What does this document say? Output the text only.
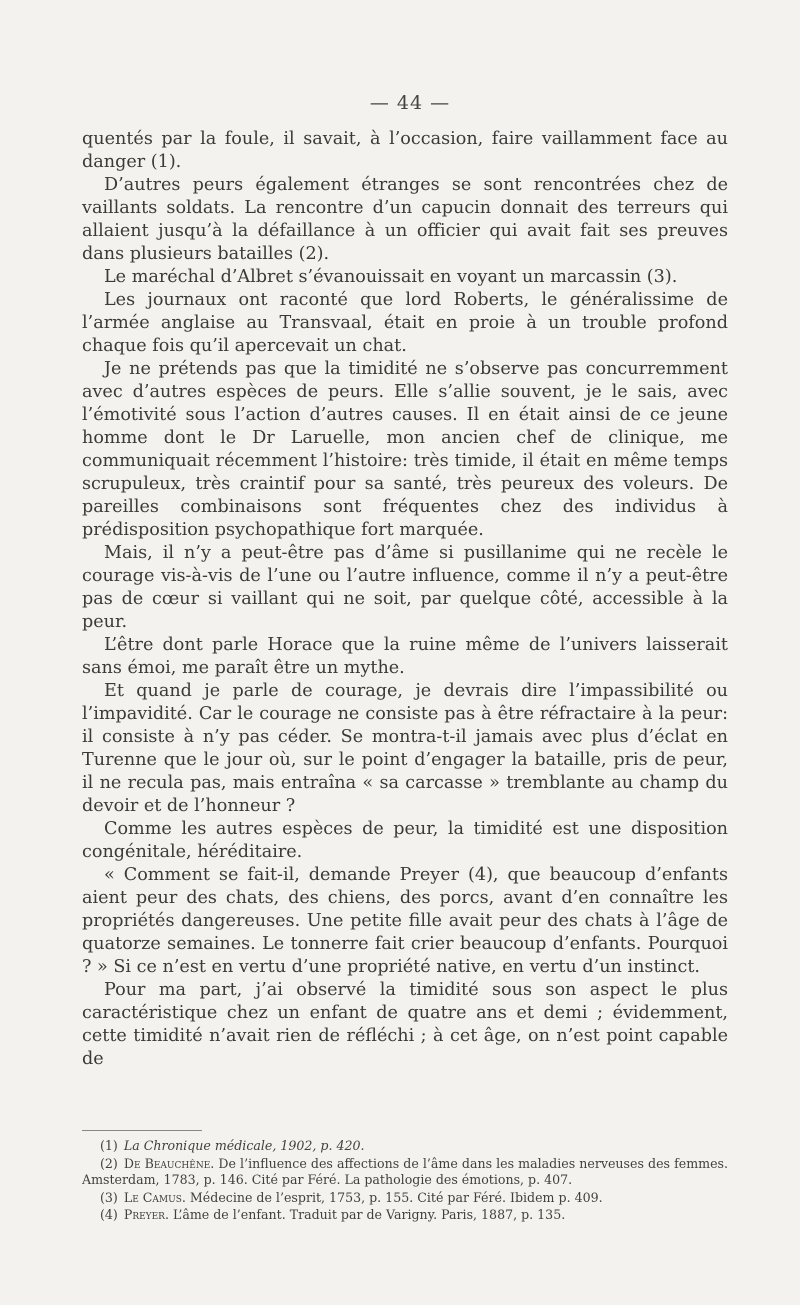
— 44 —

quentés par la foule, il savait, à l’occasion, faire vaillamment face au danger (1).

D’autres peurs également étranges se sont rencontrées chez de vaillants soldats. La rencontre d’un capucin donnait des terreurs qui allaient jusqu’à la défaillance à un officier qui avait fait ses preuves dans plusieurs batailles (2).

Le maréchal d’Albret s’évanouissait en voyant un marcassin (3).

Les journaux ont raconté que lord Roberts, le généralissime de l’armée anglaise au Transvaal, était en proie à un trouble profond chaque fois qu’il apercevait un chat.

Je ne prétends pas que la timidité ne s’observe pas concurremment avec d’autres espèces de peurs. Elle s’allie souvent, je le sais, avec l’émotivité sous l’action d’autres causes. Il en était ainsi de ce jeune homme dont le Dr Laruelle, mon ancien chef de clinique, me communiquait récemment l’histoire: très timide, il était en même temps scrupuleux, très craintif pour sa santé, très peureux des voleurs. De pareilles combinaisons sont fréquentes chez des individus à prédisposition psychopathique fort marquée.

Mais, il n’y a peut-être pas d’âme si pusillanime qui ne recèle le courage vis-à-vis de l’une ou l’autre influence, comme il n’y a peut-être pas de cœur si vaillant qui ne soit, par quelque côté, accessible à la peur.

L’être dont parle Horace que la ruine même de l’univers laisserait sans émoi, me paraît être un mythe.

Et quand je parle de courage, je devrais dire l’impassibilité ou l’impavidité. Car le courage ne consiste pas à être réfractaire à la peur: il consiste à n’y pas céder. Se montra-t-il jamais avec plus d’éclat en Turenne que le jour où, sur le point d’engager la bataille, pris de peur, il ne recula pas, mais entraîna « sa carcasse » tremblante au champ du devoir et de l’honneur ?

Comme les autres espèces de peur, la timidité est une disposition congénitale, héréditaire.

« Comment se fait-il, demande Preyer (4), que beaucoup d’enfants aient peur des chats, des chiens, des porcs, avant d’en connaître les propriétés dangereuses. Une petite fille avait peur des chats à l’âge de quatorze semaines. Le tonnerre fait crier beaucoup d’enfants. Pourquoi ? » Si ce n’est en vertu d’une propriété native, en vertu d’un instinct.

Pour ma part, j’ai observé la timidité sous son aspect le plus caractéristique chez un enfant de quatre ans et demi ; évidemment, cette timidité n’avait rien de réfléchi ; à cet âge, on n’est point capable de

(1) La Chronique médicale, 1902, p. 420.

(2) De Beauchêne. De l’influence des affections de l’âme dans les maladies nerveuses des femmes. Amsterdam, 1783, p. 146. Cité par Féré. La pathologie des émotions, p. 407.

(3) Le Camus. Médecine de l’esprit, 1753, p. 155. Cité par Féré. Ibidem p. 409.

(4) Preyer. L’âme de l’enfant. Traduit par de Varigny. Paris, 1887, p. 135.
